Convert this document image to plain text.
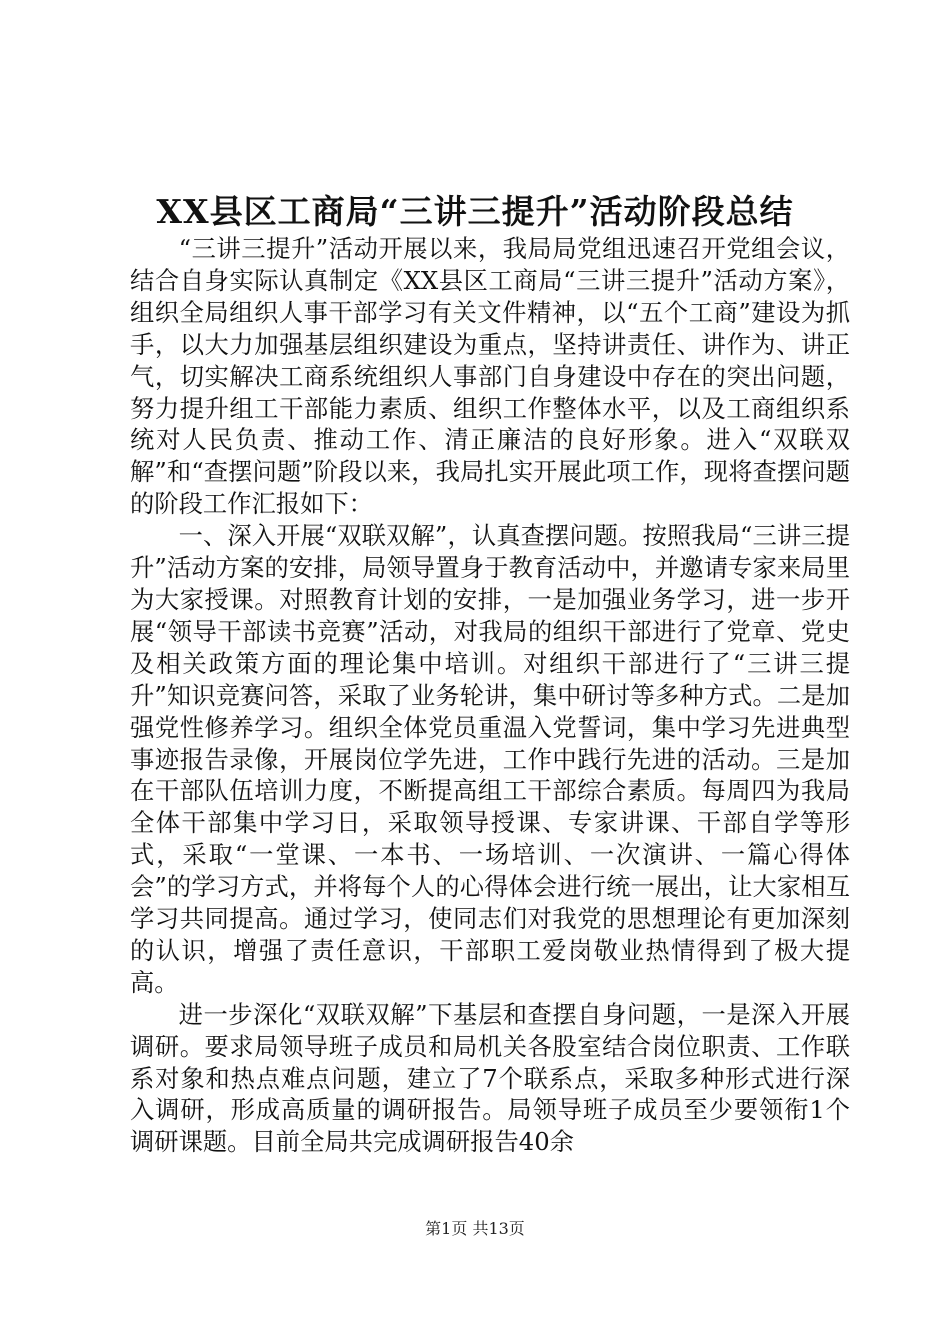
XX县区工商局“三讲三提升”活动阶段总结

“三讲三提升”活动开展以来，我局局党组迅速召开党组会议，结合自身实际认真制定《XX县区工商局“三讲三提升”活动方案》，组织全局组织人事干部学习有关文件精神，以“五个工商”建设为抓手，以大力加强基层组织建设为重点，坚持讲责任、讲作为、讲正气，切实解决工商系统组织人事部门自身建设中存在的突出问题，努力提升组工干部能力素质、组织工作整体水平，以及工商组织系统对人民负责、推动工作、清正廉洁的良好形象。进入“双联双解”和“查摆问题”阶段以来，我局扎实开展此项工作，现将查摆问题的阶段工作汇报如下：

一、深入开展“双联双解”，认真查摆问题。按照我局“三讲三提升”活动方案的安排，局领导置身于教育活动中，并邀请专家来局里为大家授课。对照教育计划的安排，一是加强业务学习，进一步开展“领导干部读书竞赛”活动，对我局的组织干部进行了党章、党史及相关政策方面的理论集中培训。对组织干部进行了“三讲三提升”知识竞赛问答，采取了业务轮讲，集中研讨等多种方式。二是加强党性修养学习。组织全体党员重温入党誓词，集中学习先进典型事迹报告录像，开展岗位学先进，工作中践行先进的活动。三是加在干部队伍培训力度，不断提高组工干部综合素质。每周四为我局全体干部集中学习日，采取领导授课、专家讲课、干部自学等形式，采取“一堂课、一本书、一场培训、一次演讲、一篇心得体会”的学习方式，并将每个人的心得体会进行统一展出，让大家相互学习共同提高。通过学习，使同志们对我党的思想理论有更加深刻的认识，增强了责任意识，干部职工爱岗敬业热情得到了极大提高。

进一步深化“双联双解”下基层和查摆自身问题，一是深入开展调研。要求局领导班子成员和局机关各股室结合岗位职责、工作联系对象和热点难点问题，建立了7个联系点，采取多种形式进行深入调研，形成高质量的调研报告。局领导班子成员至少要领衔1个调研课题。目前全局共完成调研报告40余

第1页 共13页
